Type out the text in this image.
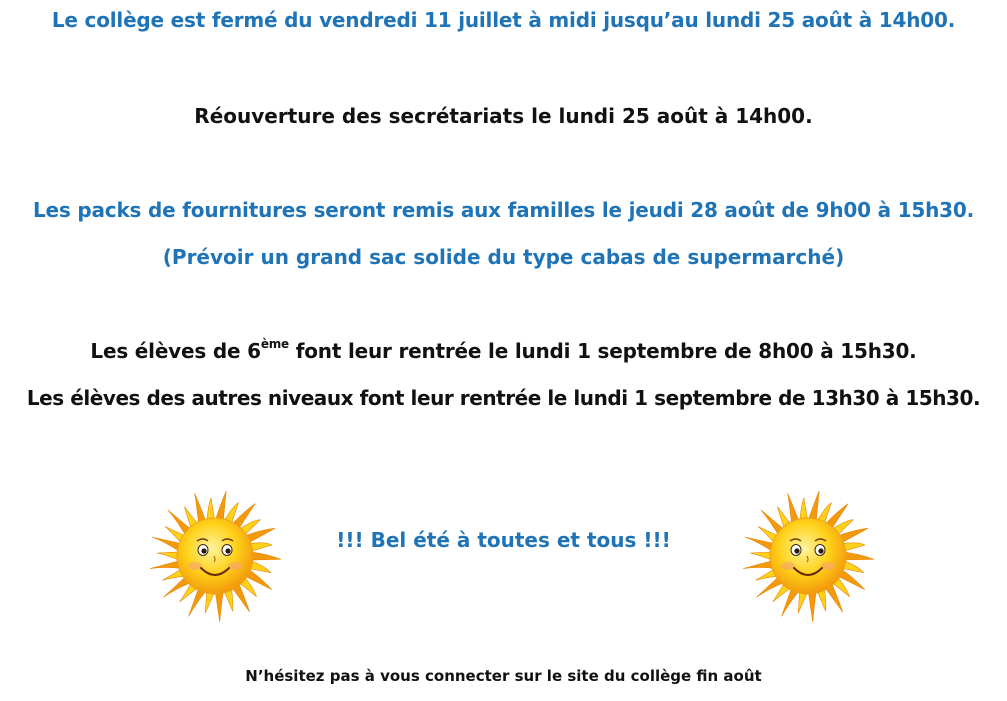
Le collège est fermé du vendredi 11 juillet à midi jusqu’au lundi 25 août à 14h00.

Réouverture des secrétariats le lundi 25 août à 14h00.

Les packs de fournitures seront remis aux familles le jeudi 28 août de 9h00 à 15h30.

(Prévoir un grand sac solide du type cabas de supermarché)

Les élèves de 6ème font leur rentrée le lundi 1 septembre de 8h00 à 15h30.

Les élèves des autres niveaux font leur rentrée le lundi 1 septembre de 13h30 à 15h30.

!!! Bel été à toutes et tous !!!

N’hésitez pas à vous connecter sur le site du collège fin août
